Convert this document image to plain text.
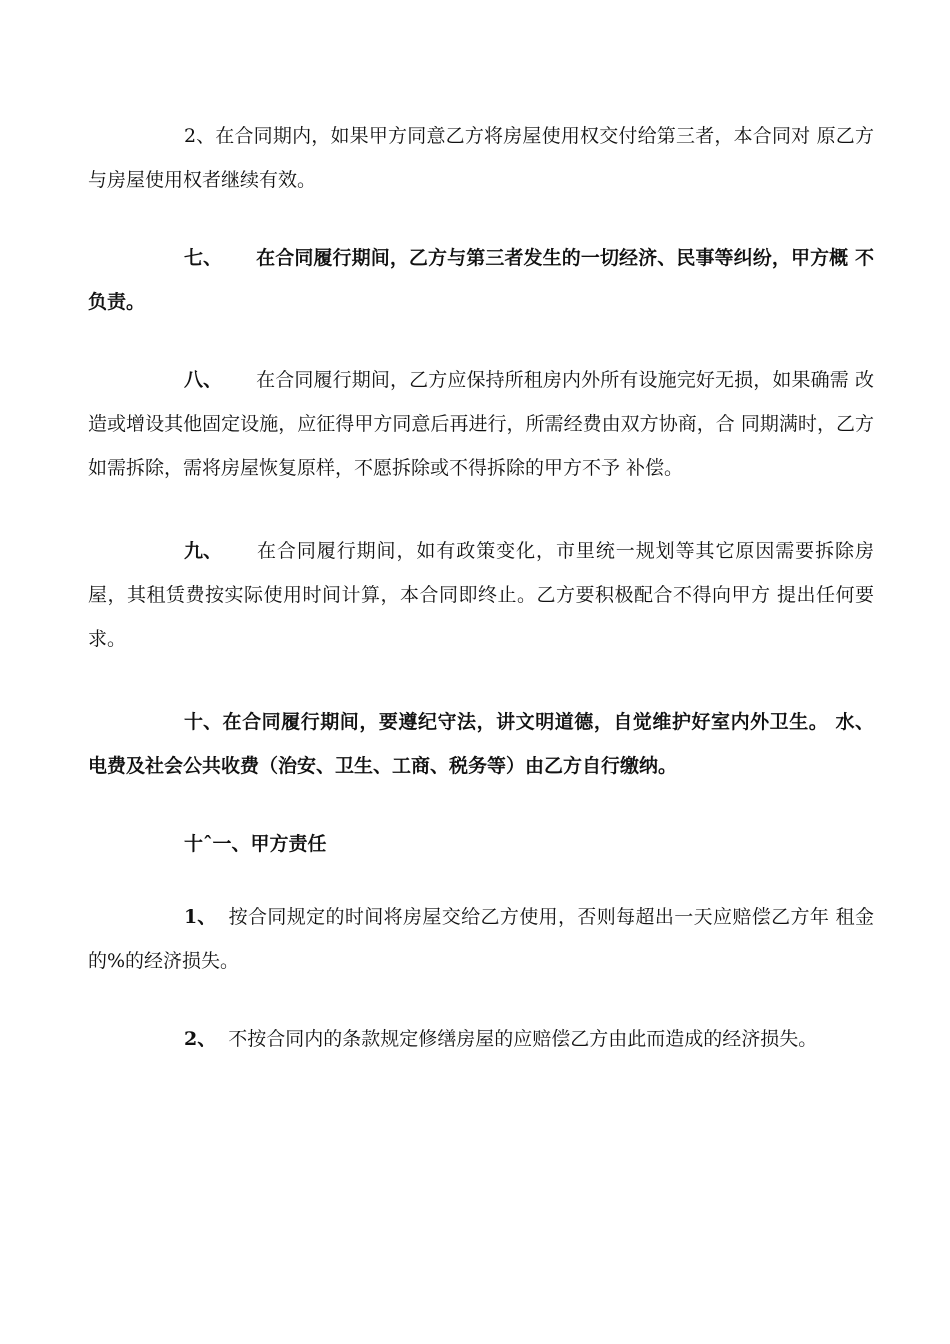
2、在合同期内，如果甲方同意乙方将房屋使用权交付给第三者，本合同对 原乙方与房屋使用权者继续有效。

七、 在合同履行期间，乙方与第三者发生的一切经济、民事等纠纷，甲方概 不负责。

八、 在合同履行期间，乙方应保持所租房内外所有设施完好无损，如果确需 改造或增设其他固定设施，应征得甲方同意后再进行，所需经费由双方协商，合 同期满时，乙方如需拆除，需将房屋恢复原样，不愿拆除或不得拆除的甲方不予 补偿。

九、 在合同履行期间，如有政策变化，市里统一规划等其它原因需要拆除房屋，其租赁费按实际使用时间计算，本合同即终止。乙方要积极配合不得向甲方 提出任何要求。

十、在合同履行期间，要遵纪守法，讲文明道德，自觉维护好室内外卫生。 水、电费及社会公共收费（治安、卫生、工商、税务等）由乙方自行缴纳。

十ˆ一、甲方责任

1、 按合同规定的时间将房屋交给乙方使用，否则每超出一天应赔偿乙方年 租金的%的经济损失。

2、 不按合同内的条款规定修缮房屋的应赔偿乙方由此而造成的经济损失。
